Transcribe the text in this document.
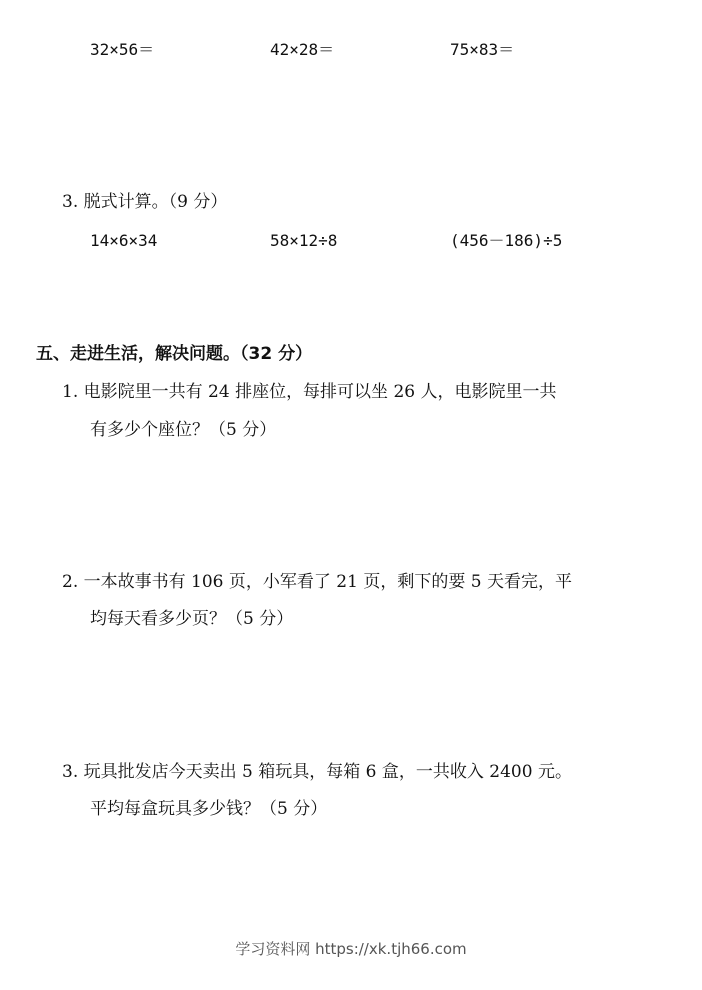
32×56＝	42×28＝	75×83＝
3. 脱式计算。（9 分）
14×6×34	58×12÷8	(456－186)÷5
五、走进生活，解决问题。（32 分）
1. 电影院里一共有 24 排座位，每排可以坐 26 人，电影院里一共
有多少个座位？（5 分）
2. 一本故事书有 106 页，小军看了 21 页，剩下的要 5 天看完，平
均每天看多少页？（5 分）
3. 玩具批发店今天卖出 5 箱玩具，每箱 6 盒，一共收入 2400 元。
平均每盒玩具多少钱？（5 分）
学习资料网 https://xk.tjh66.com
